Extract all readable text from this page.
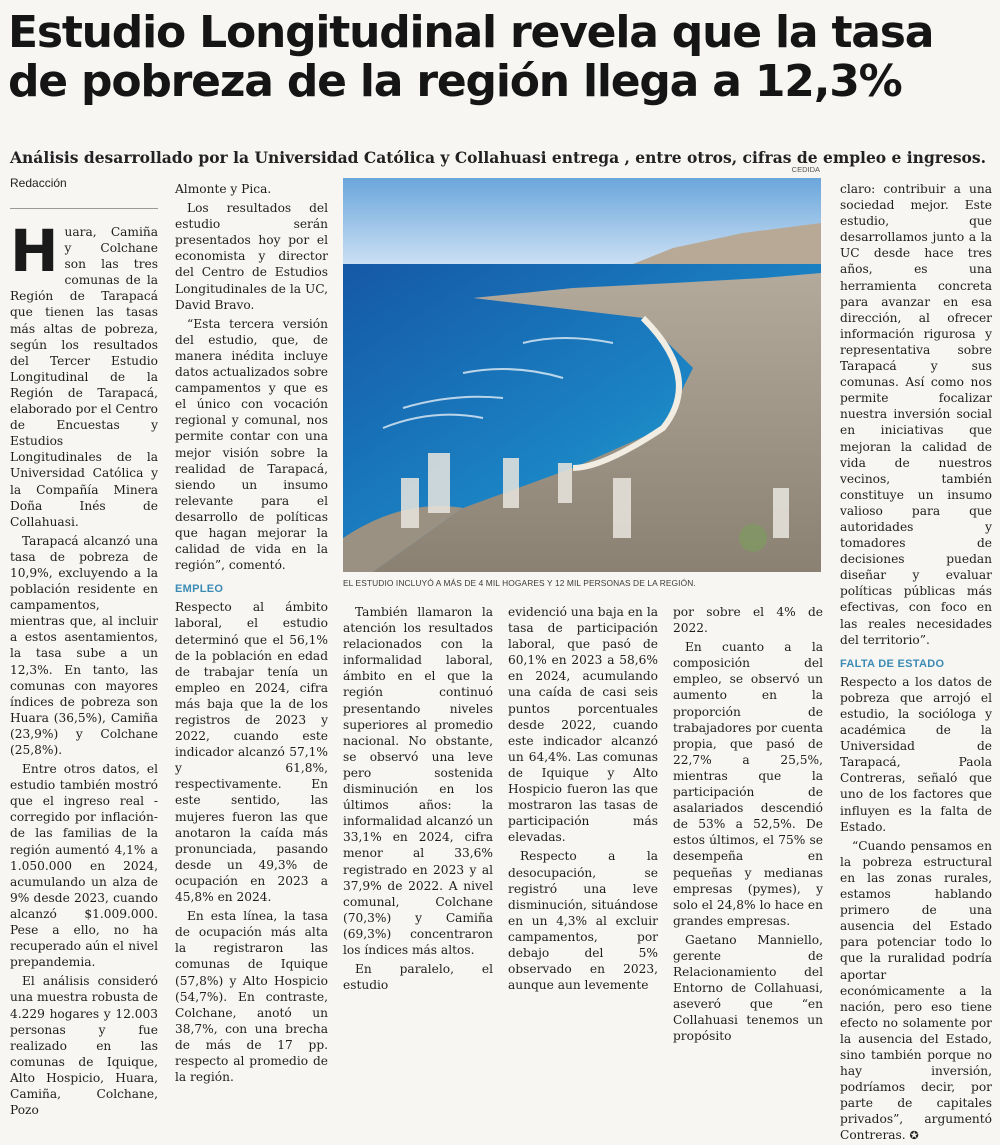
Estudio Longitudinal revela que la tasa de pobreza de la región llega a 12,3%
Análisis desarrollado por la Universidad Católica y Collahuasi entrega , entre otros, cifras de empleo e ingresos.
Redacción
CEDIDA

Huara, Camiña y Colchane son las tres comunas de la Región de Tarapacá que tienen las tasas más altas de pobreza, según los resultados del Tercer Estudio Longitudinal de la Región de Tarapacá, elaborado por el Centro de Encuestas y Estudios Longitudinales de la Universidad Católica y la Compañía Minera Doña Inés de Collahuasi.

Tarapacá alcanzó una tasa de pobreza de 10,9%, excluyendo a la población residente en campamentos, mientras que, al incluir a estos asentamientos, la tasa sube a un 12,3%. En tanto, las comunas con mayores índices de pobreza son Huara (36,5%), Camiña (23,9%) y Colchane (25,8%).

Entre otros datos, el estudio también mostró que el ingreso real - corregido por inflación- de las familias de la región aumentó 4,1% a 1.050.000 en 2024, acumulando un alza de 9% desde 2023, cuando alcanzó $1.009.000. Pese a ello, no ha recuperado aún el nivel prepandemia.

El análisis consideró una muestra robusta de 4.229 hogares y 12.003 personas y fue realizado en las comunas de Iquique, Alto Hospicio, Huara, Camiña, Colchane, Pozo

Almonte y Pica.

Los resultados del estudio serán presentados hoy por el economista y director del Centro de Estudios Longitudinales de la UC, David Bravo.

“Esta tercera versión del estudio, que, de manera inédita incluye datos actualizados sobre campamentos y que es el único con vocación regional y comunal, nos permite contar con una mejor visión sobre la realidad de Tarapacá, siendo un insumo relevante para el desarrollo de políticas que hagan mejorar la calidad de vida en la región”, comentó.

EMPLEO

Respecto al ámbito laboral, el estudio determinó que el 56,1% de la población en edad de trabajar tenía un empleo en 2024, cifra más baja que la de los registros de 2023 y 2022, cuando este indicador alcanzó 57,1% y 61,8%, respectivamente. En este sentido, las mujeres fueron las que anotaron la caída más pronunciada, pasando desde un 49,3% de ocupación en 2023 a 45,8% en 2024.

En esta línea, la tasa de ocupación más alta la registraron las comunas de Iquique (57,8%) y Alto Hospicio (54,7%). En contraste, Colchane, anotó un 38,7%, con una brecha de más de 17 pp. respecto al promedio de la región.

EL ESTUDIO INCLUYÓ A MÁS DE 4 MIL HOGARES Y 12 MIL PERSONAS DE LA REGIÓN.

También llamaron la atención los resultados relacionados con la informalidad laboral, ámbito en el que la región continuó presentando niveles superiores al promedio nacional. No obstante, se observó una leve pero sostenida disminución en los últimos años: la informalidad alcanzó un 33,1% en 2024, cifra menor al 33,6% registrado en 2023 y al 37,9% de 2022. A nivel comunal, Colchane (70,3%) y Camiña (69,3%) concentraron los índices más altos.

En paralelo, el estudio

evidenció una baja en la tasa de participación laboral, que pasó de 60,1% en 2023 a 58,6% en 2024, acumulando una caída de casi seis puntos porcentuales desde 2022, cuando este indicador alcanzó un 64,4%. Las comunas de Iquique y Alto Hospicio fueron las que mostraron las tasas de participación más elevadas.

Respecto a la desocupación, se registró una leve disminución, situándose en un 4,3% al excluir campamentos, por debajo del 5% observado en 2023, aunque aun levemente

por sobre el 4% de 2022.

En cuanto a la composición del empleo, se observó un aumento en la proporción de trabajadores por cuenta propia, que pasó de 22,7% a 25,5%, mientras que la participación de asalariados descendió de 53% a 52,5%. De estos últimos, el 75% se desempeña en pequeñas y medianas empresas (pymes), y solo el 24,8% lo hace en grandes empresas.

Gaetano Manniello, gerente de Relacionamiento del Entorno de Collahuasi, aseveró que “en Collahuasi tenemos un propósito

claro: contribuir a una sociedad mejor. Este estudio, que desarrollamos junto a la UC desde hace tres años, es una herramienta concreta para avanzar en esa dirección, al ofrecer información rigurosa y representativa sobre Tarapacá y sus comunas. Así como nos permite focalizar nuestra inversión social en iniciativas que mejoran la calidad de vida de nuestros vecinos, también constituye un insumo valioso para que autoridades y tomadores de decisiones puedan diseñar y evaluar políticas públicas más efectivas, con foco en las reales necesidades del territorio”.

FALTA DE ESTADO

Respecto a los datos de pobreza que arrojó el estudio, la socióloga y académica de la Universidad de Tarapacá, Paola Contreras, señaló que uno de los factores que influyen es la falta de Estado.

“Cuando pensamos en la pobreza estructural en las zonas rurales, estamos hablando primero de una ausencia del Estado para potenciar todo lo que la ruralidad podría aportar económicamente a la nación, pero eso tiene efecto no solamente por la ausencia del Estado, sino también porque no hay inversión, podríamos decir, por parte de capitales privados”, argumentó Contreras. ✪
